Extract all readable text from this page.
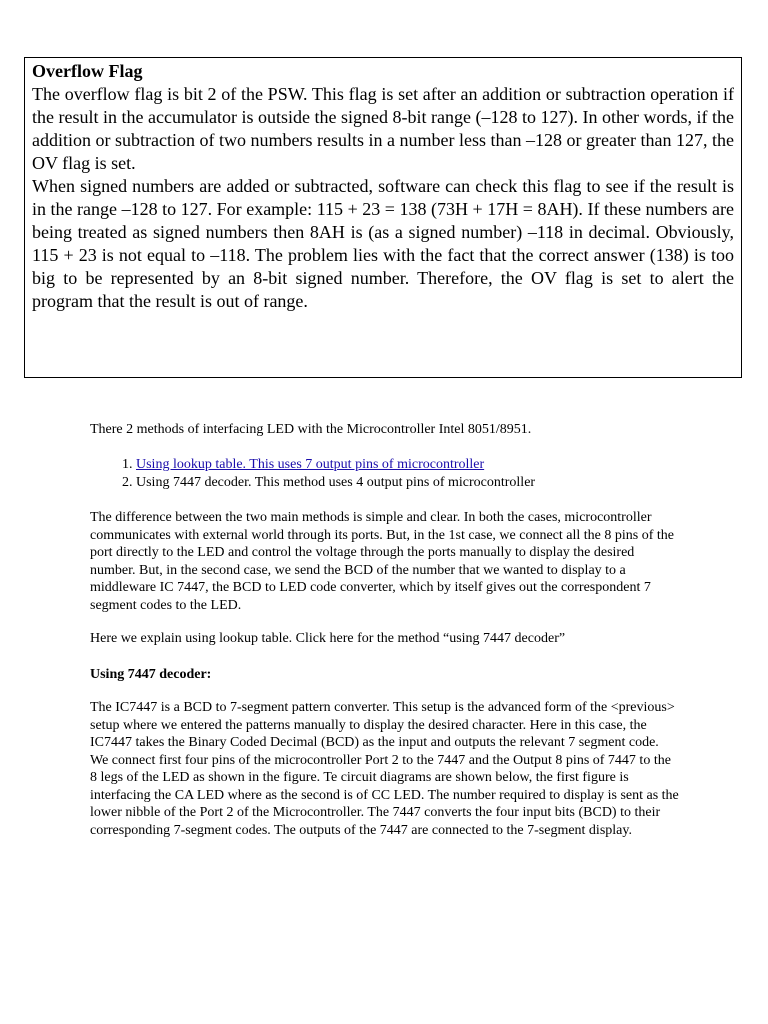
Overflow Flag

The overflow flag is bit 2 of the PSW. This flag is set after an addition or subtraction operation if the result in the accumulator is outside the signed 8-bit range (–128 to 127). In other words, if the addition or subtraction of two numbers results in a number less than –128 or greater than 127, the OV flag is set.

When signed numbers are added or subtracted, software can check this flag to see if the result is in the range –128 to 127. For example: 115 + 23 = 138 (73H + 17H = 8AH). If these numbers are being treated as signed numbers then 8AH is (as a signed number) –118 in decimal. Obviously, 115 + 23 is not equal to –118. The problem lies with the fact that the correct answer (138) is too big to be represented by an 8-bit signed number. Therefore, the OV flag is set to alert the program that the result is out of range.

There 2 methods of interfacing LED with the Microcontroller Intel 8051/8951.

1. Using lookup table. This uses 7 output pins of microcontroller
2. Using 7447 decoder. This method uses 4 output pins of microcontroller

The difference between the two main methods is simple and clear. In both the cases, microcontroller communicates with external world through its ports. But, in the 1st case, we connect all the 8 pins of the port directly to the LED and control the voltage through the ports manually to display the desired number. But, in the second case, we send the BCD of the number that we wanted to display to a middleware IC 7447, the BCD to LED code converter, which by itself gives out the correspondent 7 segment codes to the LED.

Here we explain using lookup table. Click here for the method “using 7447 decoder”

Using 7447 decoder:

The IC7447 is a BCD to 7-segment pattern converter. This setup is the advanced form of the <previous> setup where we entered the patterns manually to display the desired character. Here in this case, the IC7447 takes the Binary Coded Decimal (BCD) as the input and outputs the relevant 7 segment code. We connect first four pins of the microcontroller Port 2 to the 7447 and the Output 8 pins of 7447 to the 8 legs of the LED as shown in the figure. Te circuit diagrams are shown below, the first figure is interfacing the CA LED where as the second is of CC LED. The number required to display is sent as the lower nibble of the Port 2 of the Microcontroller. The 7447 converts the four input bits (BCD) to their corresponding 7-segment codes. The outputs of the 7447 are connected to the 7-segment display.
